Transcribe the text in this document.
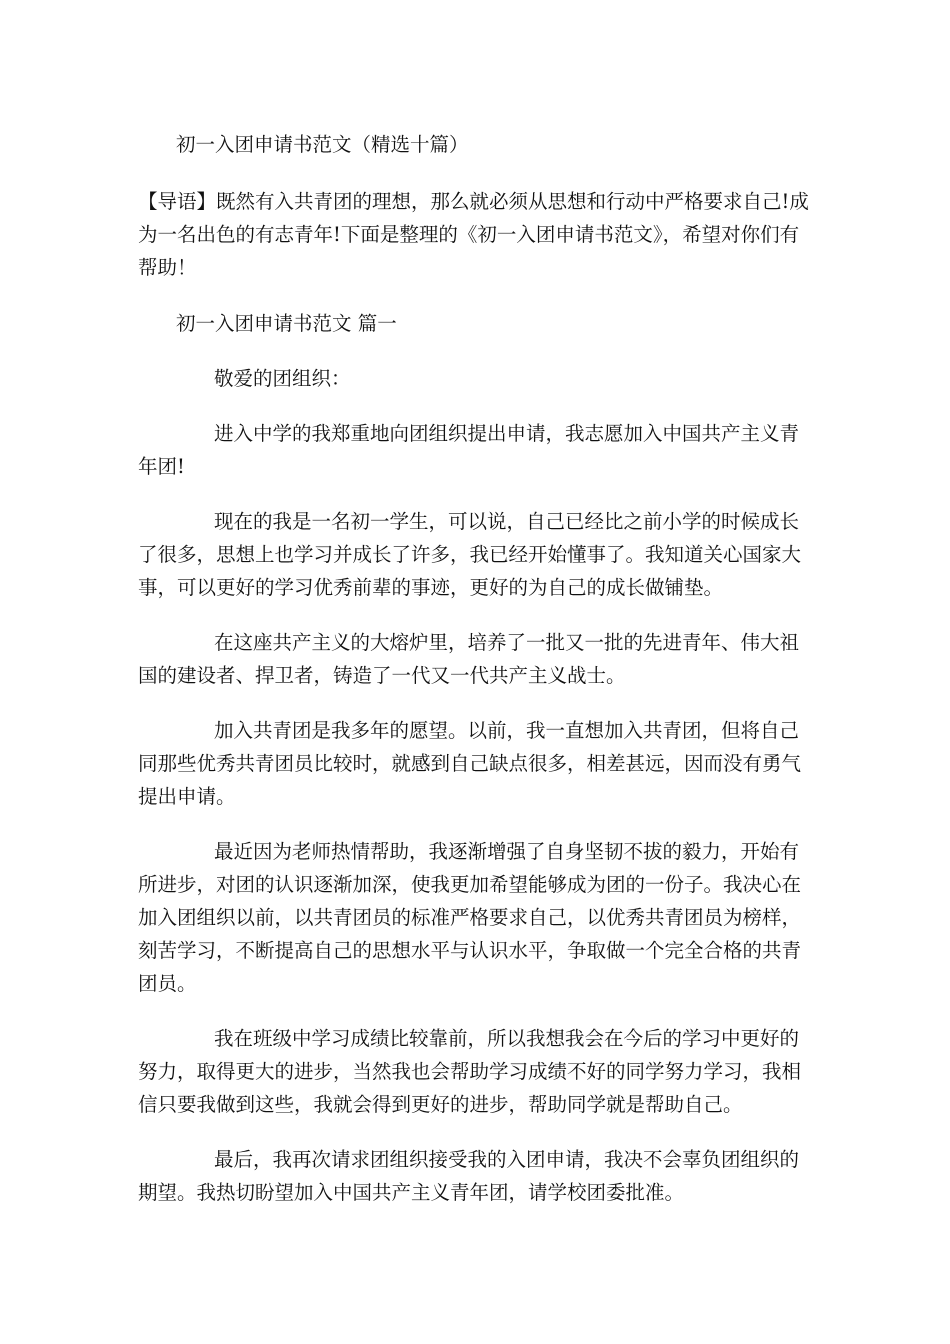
初一入团申请书范文（精选十篇）

【导语】既然有入共青团的理想，那么就必须从思想和行动中严格要求自己!成为一名出色的有志青年!下面是整理的《初一入团申请书范文》，希望对你们有帮助！

初一入团申请书范文 篇一

敬爱的团组织：

进入中学的我郑重地向团组织提出申请，我志愿加入中国共产主义青年团!

现在的我是一名初一学生，可以说，自己已经比之前小学的时候成长了很多，思想上也学习并成长了许多，我已经开始懂事了。我知道关心国家大事，可以更好的学习优秀前辈的事迹，更好的为自己的成长做铺垫。

在这座共产主义的大熔炉里，培养了一批又一批的先进青年、伟大祖国的建设者、捍卫者，铸造了一代又一代共产主义战士。

加入共青团是我多年的愿望。以前，我一直想加入共青团，但将自己同那些优秀共青团员比较时，就感到自己缺点很多，相差甚远，因而没有勇气提出申请。

最近因为老师热情帮助，我逐渐增强了自身坚韧不拔的毅力，开始有所进步，对团的认识逐渐加深，使我更加希望能够成为团的一份子。我决心在加入团组织以前，以共青团员的标准严格要求自己，以优秀共青团员为榜样，刻苦学习，不断提高自己的思想水平与认识水平，争取做一个完全合格的共青团员。

我在班级中学习成绩比较靠前，所以我想我会在今后的学习中更好的努力，取得更大的进步，当然我也会帮助学习成绩不好的同学努力学习，我相信只要我做到这些，我就会得到更好的进步，帮助同学就是帮助自己。

最后，我再次请求团组织接受我的入团申请，我决不会辜负团组织的期望。我热切盼望加入中国共产主义青年团，请学校团委批准。
